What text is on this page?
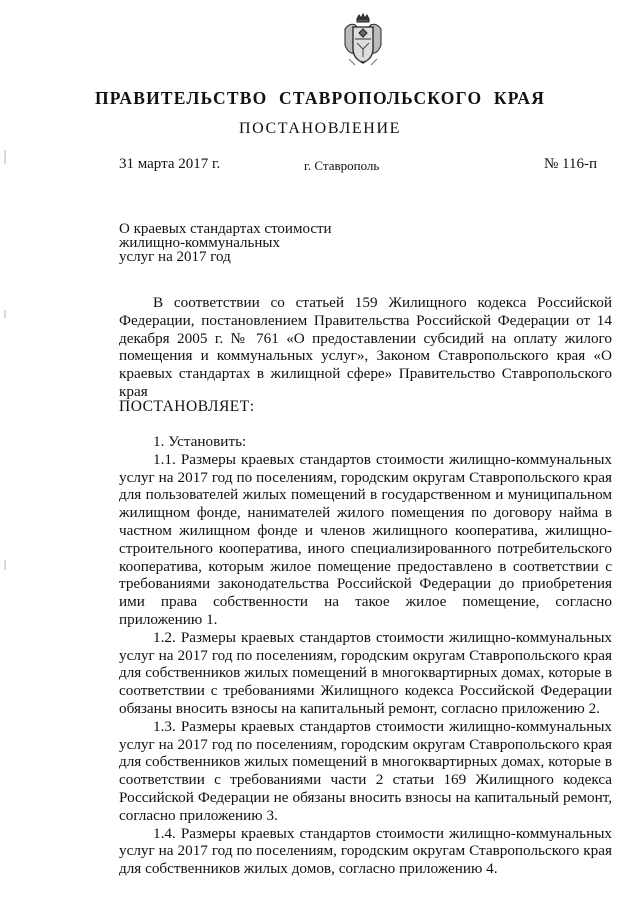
ПРАВИТЕЛЬСТВО СТАВРОПОЛЬСКОГО КРАЯ
ПОСТАНОВЛЕНИЕ
31 марта 2017 г.	г. Ставрополь	№ 116-п
О краевых стандартах стоимости
жилищно-коммунальных
услуг на 2017 год

В соответствии со статьей 159 Жилищного кодекса Российской Федерации, постановлением Правительства Российской Федерации от 14 декабря 2005 г. № 761 «О предоставлении субсидий на оплату жилого помещения и коммунальных услуг», Законом Ставропольского края «О краевых стандартах в жилищной сфере» Правительство Ставропольского края

ПОСТАНОВЛЯЕТ:

1. Установить:

1.1. Размеры краевых стандартов стоимости жилищно-коммунальных услуг на 2017 год по поселениям, городским округам Ставропольского края для пользователей жилых помещений в государственном и муниципальном жилищном фонде, нанимателей жилого помещения по договору найма в частном жилищном фонде и членов жилищного кооператива, жилищно-строительного кооператива, иного специализированного потребительского кооператива, которым жилое помещение предоставлено в соответствии с требованиями законодательства Российской Федерации до приобретения ими права собственности на такое жилое помещение, согласно приложению 1.

1.2. Размеры краевых стандартов стоимости жилищно-коммунальных услуг на 2017 год по поселениям, городским округам Ставропольского края для собственников жилых помещений в многоквартирных домах, которые в соответствии с требованиями Жилищного кодекса Российской Федерации обязаны вносить взносы на капитальный ремонт, согласно приложению 2.

1.3. Размеры краевых стандартов стоимости жилищно-коммунальных услуг на 2017 год по поселениям, городским округам Ставропольского края для собственников жилых помещений в многоквартирных домах, которые в соответствии с требованиями части 2 статьи 169 Жилищного кодекса Российской Федерации не обязаны вносить взносы на капитальный ремонт, согласно приложению 3.

1.4. Размеры краевых стандартов стоимости жилищно-коммунальных услуг на 2017 год по поселениям, городским округам Ставропольского края для собственников жилых домов, согласно приложению 4.
